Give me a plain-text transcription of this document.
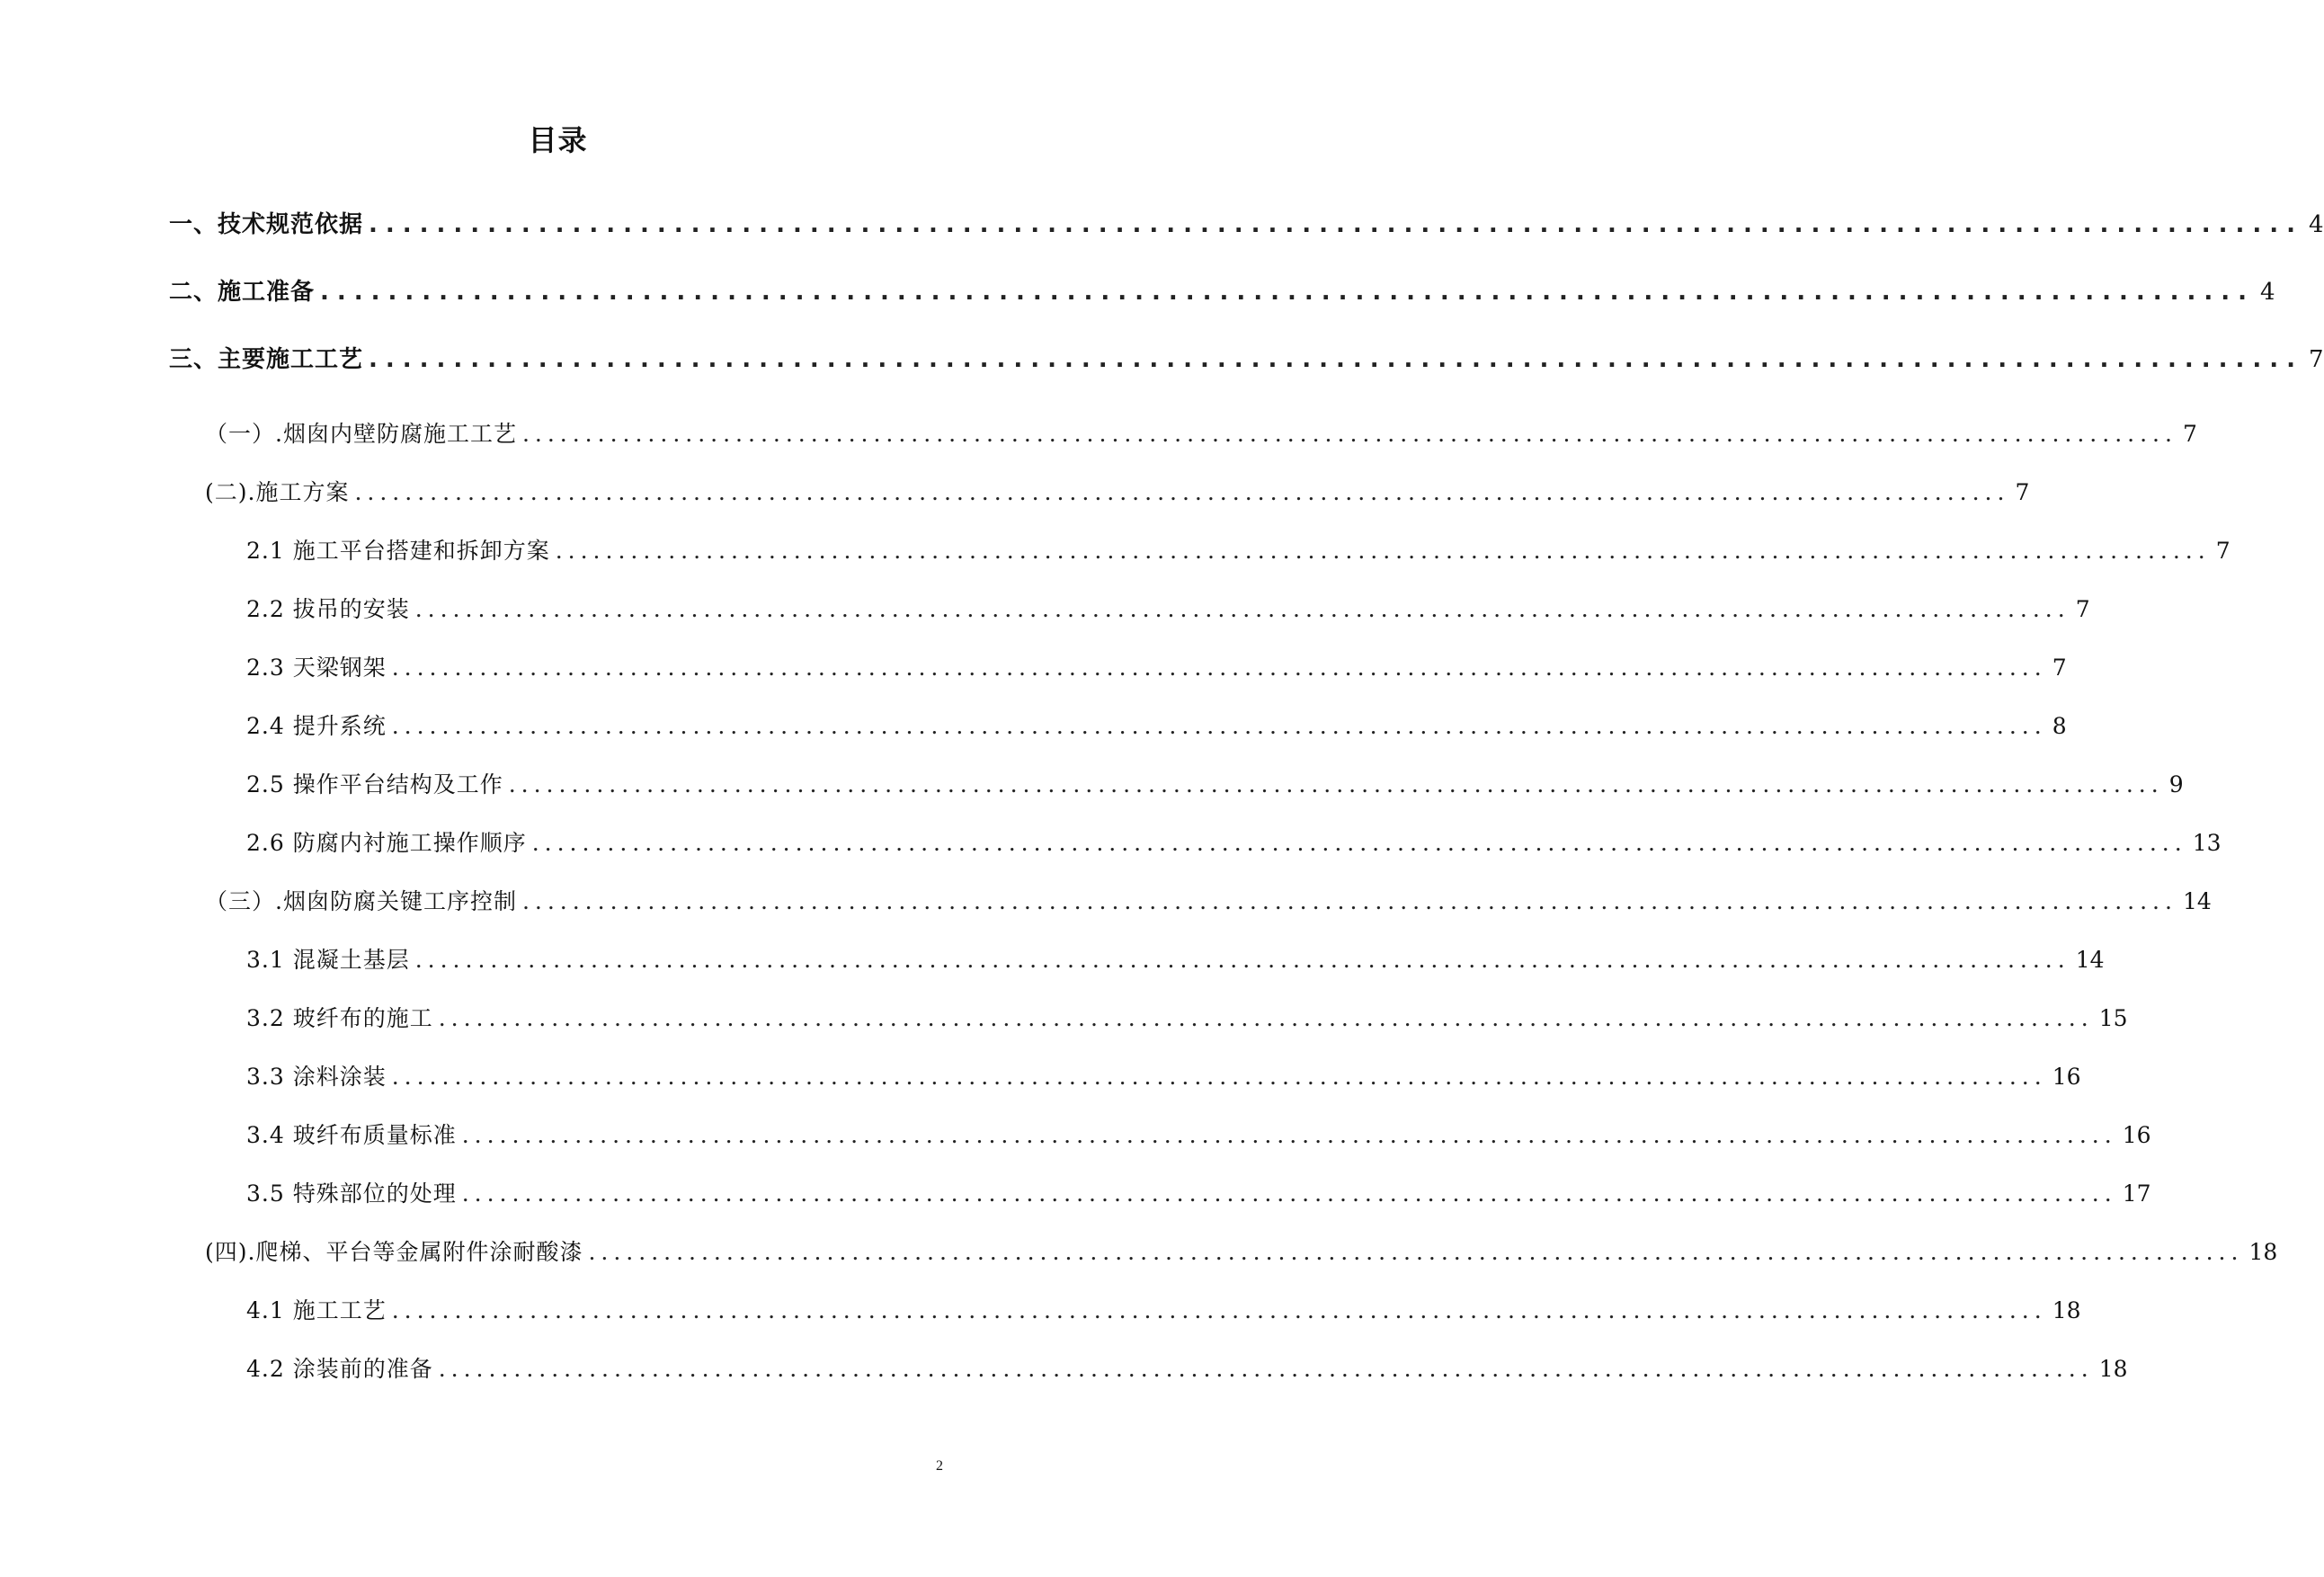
目录
一、技术规范依据 .................................................................................................................. 4
二、施工准备 .................................................................................................................. 4
三、主要施工工艺 .................................................................................................................. 7
（一）.烟囱内壁防腐施工工艺 .................................................................................................................................... 7
(二).施工方案 .................................................................................................................................... 7
2.1 施工平台搭建和拆卸方案 .................................................................................................................................... 7
2.2 拔吊的安装 .................................................................................................................................... 7
2.3 天梁钢架 .................................................................................................................................... 7
2.4 提升系统 .................................................................................................................................... 8
2.5 操作平台结构及工作 .................................................................................................................................... 9
2.6 防腐内衬施工操作顺序 .................................................................................................................................... 13
（三）.烟囱防腐关键工序控制 .................................................................................................................................... 14
3.1 混凝土基层 .................................................................................................................................... 14
3.2 玻纤布的施工 .................................................................................................................................... 15
3.3 涂料涂装 .................................................................................................................................... 16
3.4 玻纤布质量标准 .................................................................................................................................... 16
3.5 特殊部位的处理 .................................................................................................................................... 17
(四).爬梯、平台等金属附件涂耐酸漆 .................................................................................................................................... 18
4.1 施工工艺 .................................................................................................................................... 18
4.2 涂装前的准备 .................................................................................................................................... 18
2
